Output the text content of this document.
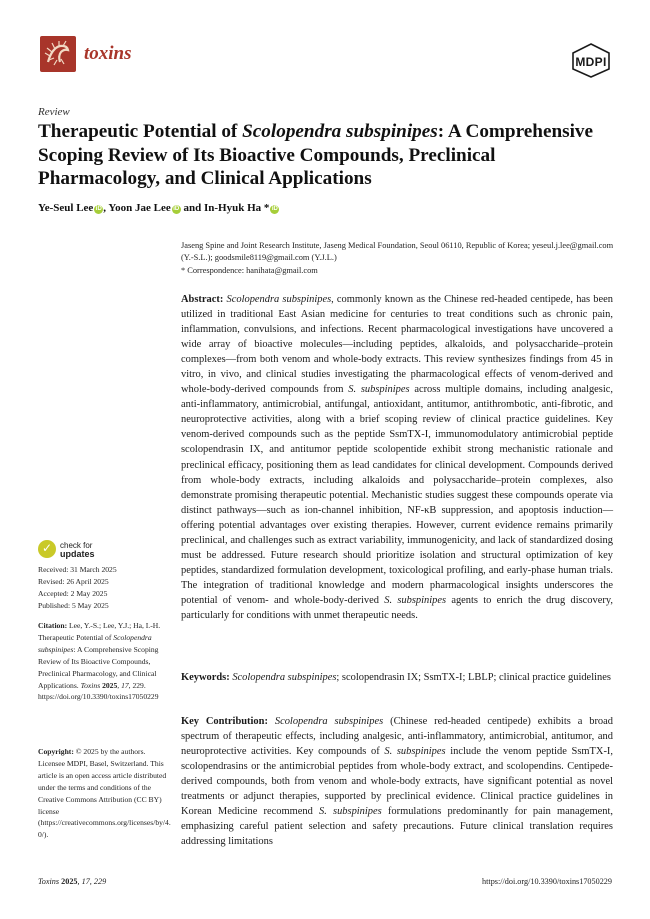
toxins	MDPI
Review
Therapeutic Potential of Scolopendra subspinipes: A Comprehensive Scoping Review of Its Bioactive Compounds, Preclinical Pharmacology, and Clinical Applications
Ye-Seul Lee iD , Yoon Jae Lee iD and In-Hyuk Ha * iD
Jaseng Spine and Joint Research Institute, Jaseng Medical Foundation, Seoul 06110, Republic of Korea; yeseul.j.lee@gmail.com (Y.-S.L.); goodsmile8119@gmail.com (Y.J.L.)
* Correspondence: hanihata@gmail.com
Abstract: Scolopendra subspinipes, commonly known as the Chinese red-headed centipede, has been utilized in traditional East Asian medicine for centuries to treat conditions such as chronic pain, inflammation, convulsions, and infections. Recent pharmacological investigations have uncovered a wide array of bioactive molecules—including peptides, alkaloids, and polysaccharide–protein complexes—from both venom and whole-body extracts. This review synthesizes findings from 45 in vitro, in vivo, and clinical studies investigating the pharmacological effects of venom-derived and whole-body-derived compounds from S. subspinipes across multiple domains, including analgesic, anti-inflammatory, antimicrobial, antifungal, antioxidant, antitumor, antithrombotic, anti-fibrotic, and neuroprotective activities, along with a brief scoping review of clinical practice guidelines. Key venom-derived compounds such as the peptide SsmTX-I, immunomodulatory antimicrobial peptide scolopendrasin IX, and antitumor peptide scolopentide exhibit strong mechanistic rationale and preclinical efficacy, positioning them as lead candidates for clinical development. Compounds derived from whole-body extracts, including alkaloids and polysaccharide–protein complexes, also demonstrate promising therapeutic potential. Mechanistic studies suggest these compounds operate via distinct pathways—such as ion-channel inhibition, NF-κB suppression, and apoptosis induction—offering potential advantages over existing therapies. However, current evidence remains primarily preclinical, and challenges such as extract variability, immunogenicity, and lack of standardized dosing must be addressed. Future research should prioritize isolation and structural optimization of key peptides, standardized formulation development, toxicological profiling, and early-phase human trials. The integration of traditional knowledge and modern pharmacological insights underscores the potential of venom- and whole-body-derived S. subspinipes agents to enrich the drug discovery, particularly for conditions with unmet therapeutic needs.
Keywords: Scolopendra subspinipes; scolopendrasin IX; SsmTX-I; LBLP; clinical practice guidelines
Key Contribution: Scolopendra subspinipes (Chinese red-headed centipede) exhibits a broad spectrum of therapeutic effects, including analgesic, anti-inflammatory, antimicrobial, antitumor, and neuroprotective activities. Key compounds of S. subspinipes include the venom peptide SsmTX-I, scolopendrasins or the antimicrobial peptides from whole-body extract, and scolopendins. Centipede-derived compounds, both from venom and whole-body extracts, have significant potential as novel treatments or adjunct therapies, supported by preclinical evidence. Clinical practice guidelines in Korean Medicine recommend S. subspinipes formulations predominantly for pain management, emphasizing careful patient selection and safety precautions. Future clinical translation requires addressing limitations
✓ check for
updates
Received: 31 March 2025
Revised: 26 April 2025
Accepted: 2 May 2025
Published: 5 May 2025
Citation: Lee, Y.-S.; Lee, Y.J.; Ha, I.-H. Therapeutic Potential of Scolopendra subspinipes: A Comprehensive Scoping Review of Its Bioactive Compounds, Preclinical Pharmacology, and Clinical Applications. Toxins 2025, 17, 229. https://doi.org/10.3390/toxins17050229
Copyright: © 2025 by the authors. Licensee MDPI, Basel, Switzerland. This article is an open access article distributed under the terms and conditions of the Creative Commons Attribution (CC BY) license (https://creativecommons.org/licenses/by/4.0/).
Toxins 2025, 17, 229	https://doi.org/10.3390/toxins17050229
